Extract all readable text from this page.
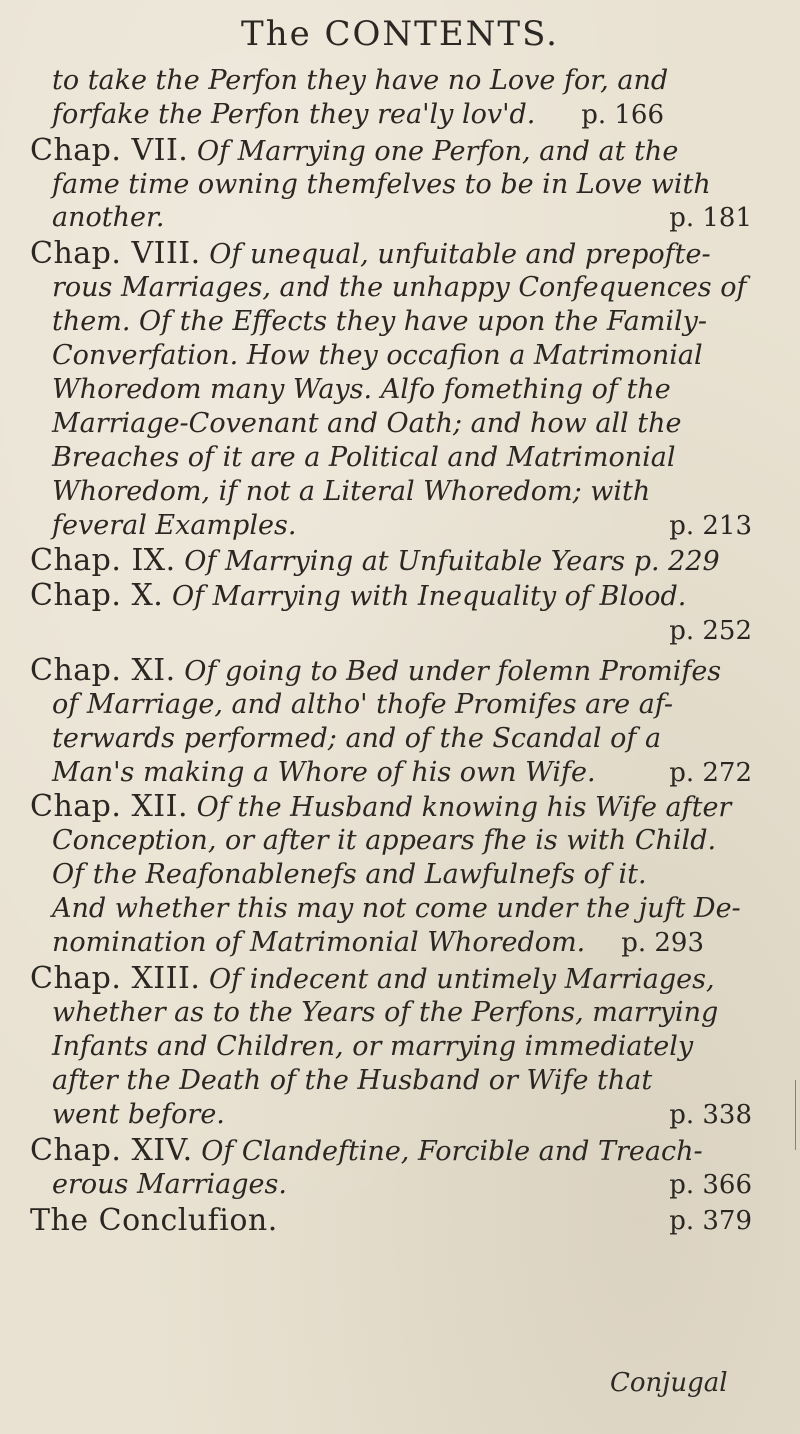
The CONTENTS.
to take the Perfon they have no Love for, and
forfake the Perfon they rea'ly lov'd. p. 166
Chap. VII. Of Marrying one Perfon, and at the
fame time owning themfelves to be in Love with
another.	p. 181
Chap. VIII. Of unequal, unfuitable and prepofte-
rous Marriages, and the unhappy Confequences of
them. Of the Effects they have upon the Family-
Converfation. How they occafion a Matrimonial
Whoredom many Ways. Alfo fomething of the
Marriage-Covenant and Oath; and how all the
Breaches of it are a Political and Matrimonial
Whoredom, if not a Literal Whoredom; with
feveral Examples.	p. 213
Chap. IX. Of Marrying at Unfuitable Years p. 229
Chap. X. Of Marrying with Inequality of Blood.
p. 252
Chap. XI. Of going to Bed under folemn Promifes
of Marriage, and altho' thofe Promifes are af-
terwards performed; and of the Scandal of a
Man's making a Whore of his own Wife.	p. 272
Chap. XII. Of the Husband knowing his Wife after
Conception, or after it appears fhe is with Child.
Of the Reafonablenefs and Lawfulnefs of it.
And whether this may not come under the juft De-
nomination of Matrimonial Whoredom. p. 293
Chap. XIII. Of indecent and untimely Marriages,
whether as to the Years of the Perfons, marrying
Infants and Children, or marrying immediately
after the Death of the Husband or Wife that
went before.	p. 338
Chap. XIV. Of Clandeftine, Forcible and Treach-
erous Marriages.	p. 366
The Conclufion.	p. 379
Conjugal
